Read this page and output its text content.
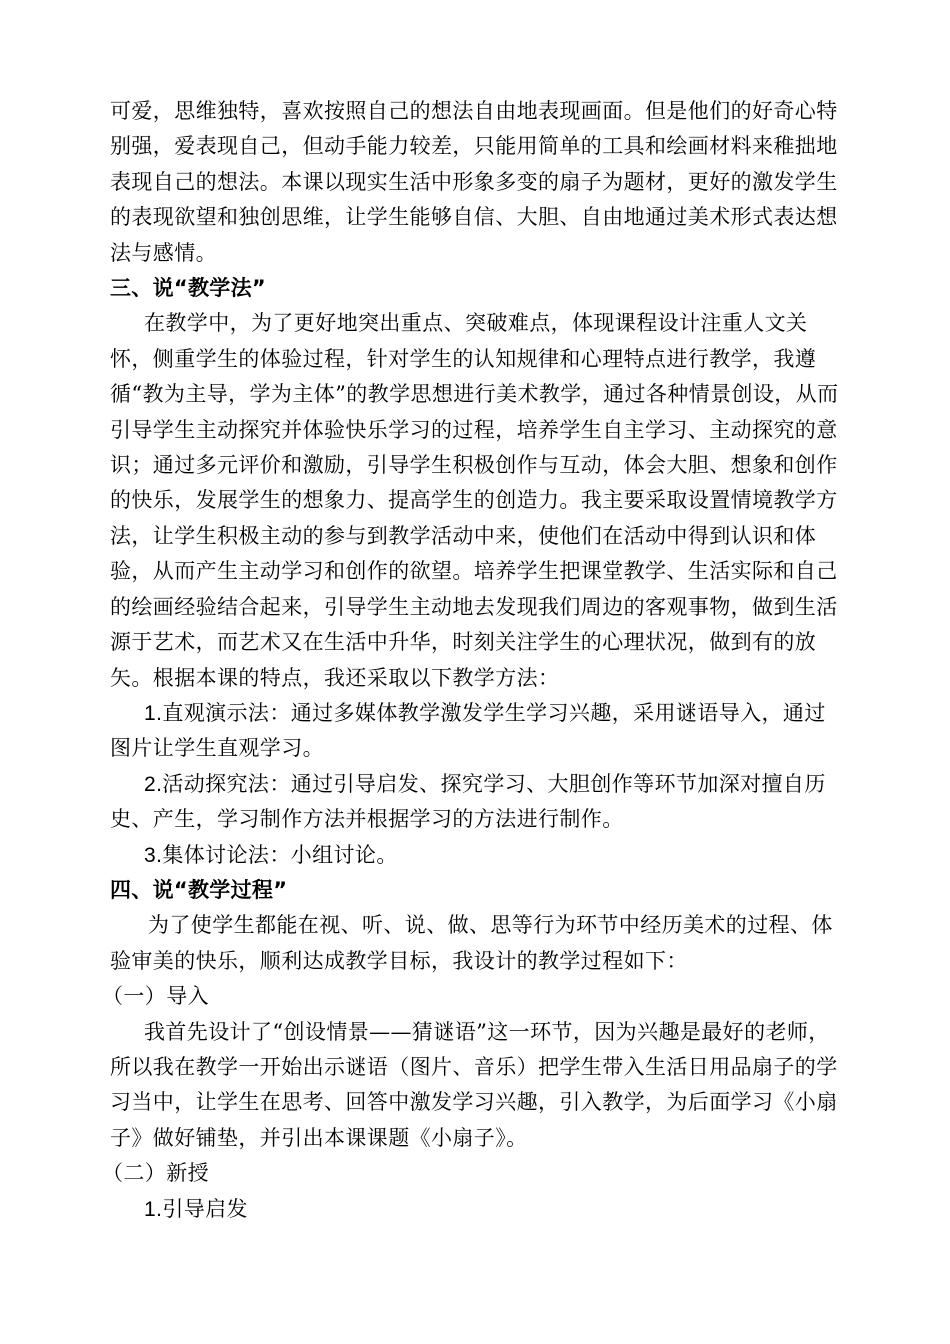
可爱，思维独特，喜欢按照自己的想法自由地表现画面。但是他们的好奇心特别强，爱表现自己，但动手能力较差，只能用简单的工具和绘画材料来稚拙地表现自己的想法。本课以现实生活中形象多变的扇子为题材，更好的激发学生的表现欲望和独创思维，让学生能够自信、大胆、自由地通过美术形式表达想法与感情。

三、说“教学法”

在教学中，为了更好地突出重点、突破难点，体现课程设计注重人文关怀，侧重学生的体验过程，针对学生的认知规律和心理特点进行教学，我遵循“教为主导，学为主体”的教学思想进行美术教学，通过各种情景创设，从而引导学生主动探究并体验快乐学习的过程，培养学生自主学习、主动探究的意识；通过多元评价和激励，引导学生积极创作与互动，体会大胆、想象和创作的快乐，发展学生的想象力、提高学生的创造力。我主要采取设置情境教学方法，让学生积极主动的参与到教学活动中来，使他们在活动中得到认识和体验，从而产生主动学习和创作的欲望。培养学生把课堂教学、生活实际和自己的绘画经验结合起来，引导学生主动地去发现我们周边的客观事物，做到生活源于艺术，而艺术又在生活中升华，时刻关注学生的心理状况，做到有的放矢。根据本课的特点，我还采取以下教学方法：

1.直观演示法：通过多媒体教学激发学生学习兴趣，采用谜语导入，通过图片让学生直观学习。

2.活动探究法：通过引导启发、探究学习、大胆创作等环节加深对擅自历史、产生，学习制作方法并根据学习的方法进行制作。

3.集体讨论法：小组讨论。

四、说“教学过程”

为了使学生都能在视、听、说、做、思等行为环节中经历美术的过程、体验审美的快乐，顺利达成教学目标，我设计的教学过程如下：

（一）导入

我首先设计了“创设情景——猜谜语”这一环节，因为兴趣是最好的老师，所以我在教学一开始出示谜语（图片、音乐）把学生带入生活日用品扇子的学习当中，让学生在思考、回答中激发学习兴趣，引入教学，为后面学习《小扇子》做好铺垫，并引出本课课题《小扇子》。

（二）新授

1.引导启发
